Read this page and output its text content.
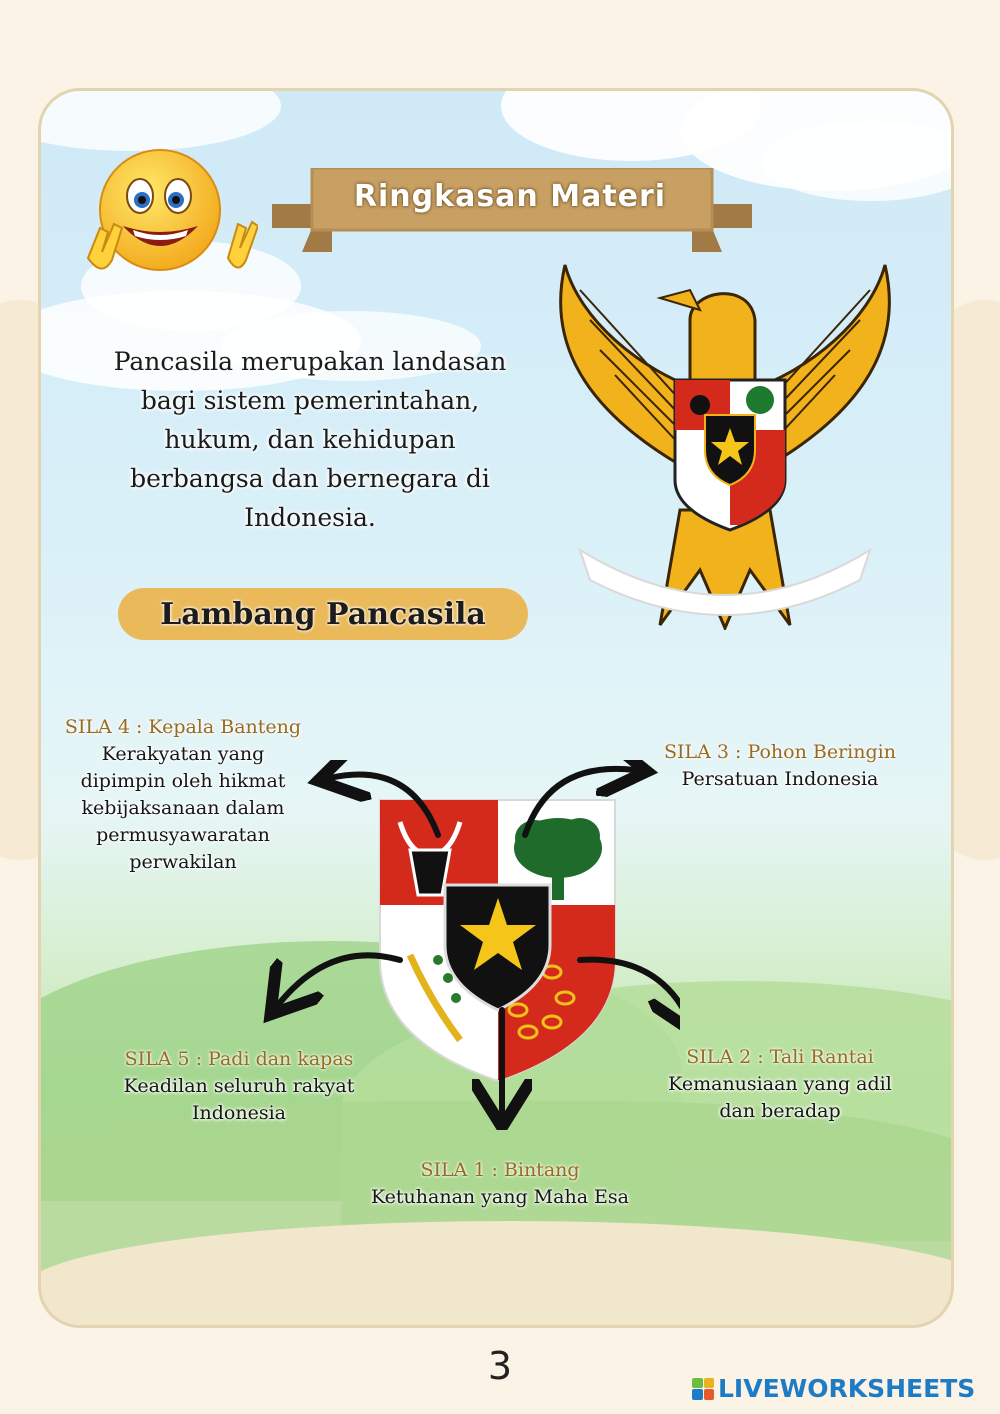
Ringkasan Materi
Pancasila merupakan landasan bagi sistem pemerintahan, hukum, dan kehidupan berbangsa dan bernegara di Indonesia.
Lambang Pancasila
SILA 4 : Kepala Banteng
Kerakyatan yang dipimpin oleh hikmat kebijaksanaan dalam permusyawaratan perwakilan
SILA 3 : Pohon Beringin
Persatuan Indonesia
SILA 5 : Padi dan kapas
Keadilan seluruh rakyat Indonesia
SILA 2 : Tali Rantai
Kemanusiaan yang adil dan beradap
SILA 1 : Bintang
Ketuhanan yang Maha Esa
3
LIVEWORKSHEETS
